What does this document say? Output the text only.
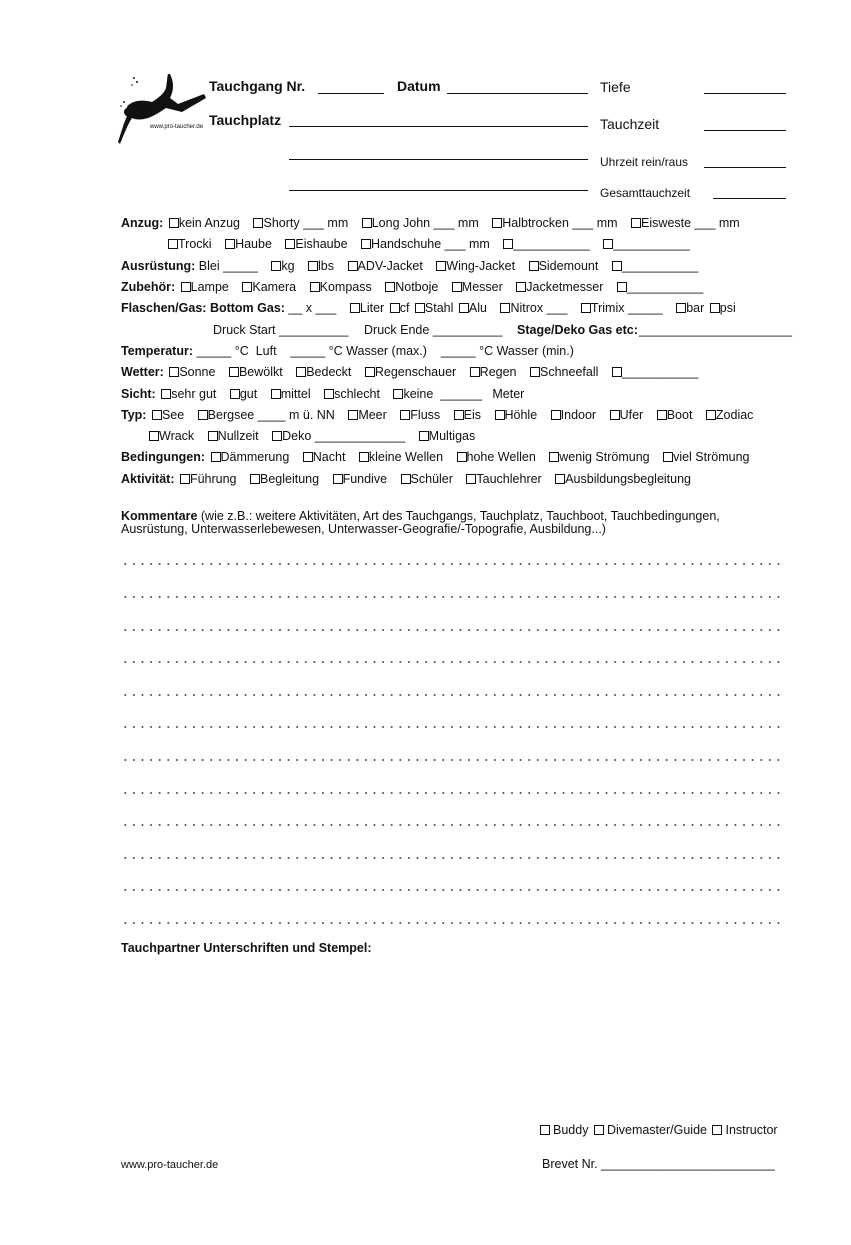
www.pro-taucher.de
Tauchgang Nr.	Datum	Tiefe
Tauchplatz	Tauchzeit
Uhrzeit rein/raus
Gesamttauchzeit
Anzug: kein Anzug Shorty ___ mm Long John ___ mm Halbtrocken ___ mm Eisweste ___ mm
Trocki Haube Eishaube Handschuhe ___ mm ___________ ___________
Ausrüstung: Blei _____ kg lbs ADV-Jacket Wing-Jacket Sidemount ___________
Zubehör: Lampe Kamera Kompass Notboje Messer Jacketmesser ___________
Flaschen/Gas: Bottom Gas: __ x ___ Liter cf Stahl Alu Nitrox ___ Trimix _____ bar psi
Druck Start __________ Druck Ende __________ Stage/Deko Gas etc: ______________________
Temperatur: _____ °C  Luft    _____ °C Wasser (max.)    _____ °C Wasser (min.)
Wetter: Sonne Bewölkt Bedeckt Regenschauer Regen Schneefall ___________
Sicht: sehr gut gut mittel schlecht keine  ______   Meter
Typ: See Bergsee ____ m ü. NN Meer Fluss Eis Höhle Indoor Ufer Boot Zodiac
Wrack Nullzeit Deko _____________ Multigas
Bedingungen: Dämmerung Nacht kleine Wellen hohe Wellen wenig Strömung viel Strömung
Aktivität: Führung Begleitung Fundive Schüler Tauchlehrer Ausbildungsbegleitung
Kommentare (wie z.B.: weitere Aktivitäten, Art des Tauchgangs, Tauchplatz, Tauchboot, Tauchbedingungen,
Ausrüstung, Unterwasserlebewesen, Unterwasser-Geografie/-Topografie, Ausbildung...)
Tauchpartner Unterschriften und Stempel:
Buddy Divemaster/Guide Instructor
www.pro-taucher.de	Brevet Nr. _________________________
